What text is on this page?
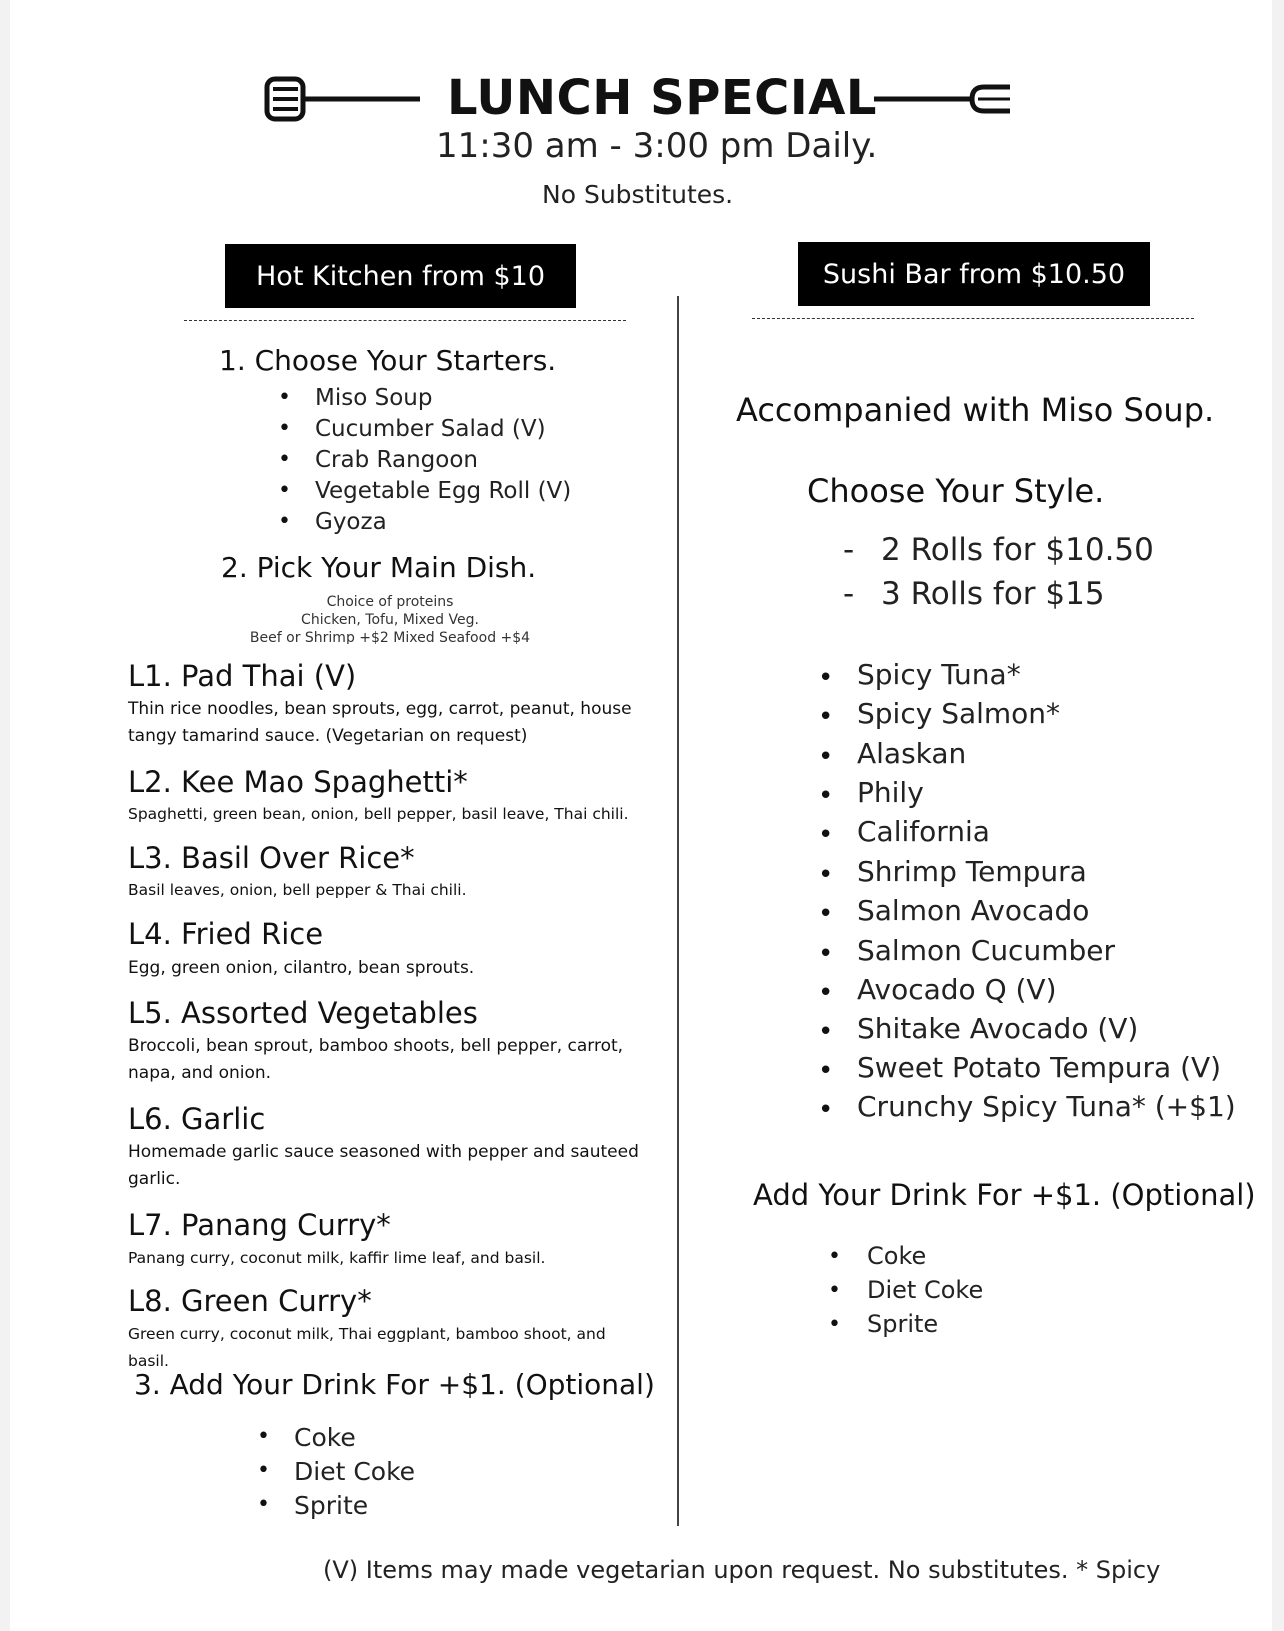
LUNCH SPECIAL
11:30 am - 3:00 pm Daily.
No Substitutes.
Hot Kitchen from $10	Sushi Bar from $10.50
1. Choose Your Starters.
• Miso Soup
• Cucumber Salad (V)
• Crab Rangoon
• Vegetable Egg Roll (V)
• Gyoza
2. Pick Your Main Dish.
Choice of proteins
Chicken, Tofu, Mixed Veg.
Beef or Shrimp +$2 Mixed Seafood +$4
L1. Pad Thai (V)
Thin rice noodles, bean sprouts, egg, carrot, peanut, house tangy tamarind sauce. (Vegetarian on request)
L2. Kee Mao Spaghetti*
Spaghetti, green bean, onion, bell pepper, basil leave, Thai chili.
L3. Basil Over Rice*
Basil leaves, onion, bell pepper & Thai chili.
L4. Fried Rice
Egg, green onion, cilantro, bean sprouts.
L5. Assorted Vegetables
Broccoli, bean sprout, bamboo shoots, bell pepper, carrot, napa, and onion.
L6. Garlic
Homemade garlic sauce seasoned with pepper and sauteed garlic.
L7. Panang Curry*
Panang curry, coconut milk, kaffir lime leaf, and basil.
L8. Green Curry*
Green curry, coconut milk, Thai eggplant, bamboo shoot, and basil.
3. Add Your Drink For +$1. (Optional)
• Coke
• Diet Coke
• Sprite
Accompanied with Miso Soup.
Choose Your Style.
- 2 Rolls for $10.50
- 3 Rolls for $15
• Spicy Tuna*
• Spicy Salmon*
• Alaskan
• Phily
• California
• Shrimp Tempura
• Salmon Avocado
• Salmon Cucumber
• Avocado Q (V)
• Shitake Avocado (V)
• Sweet Potato Tempura (V)
• Crunchy Spicy Tuna* (+$1)
Add Your Drink For +$1. (Optional)
• Coke
• Diet Coke
• Sprite
(V) Items may made vegetarian upon request. No substitutes. * Spicy
